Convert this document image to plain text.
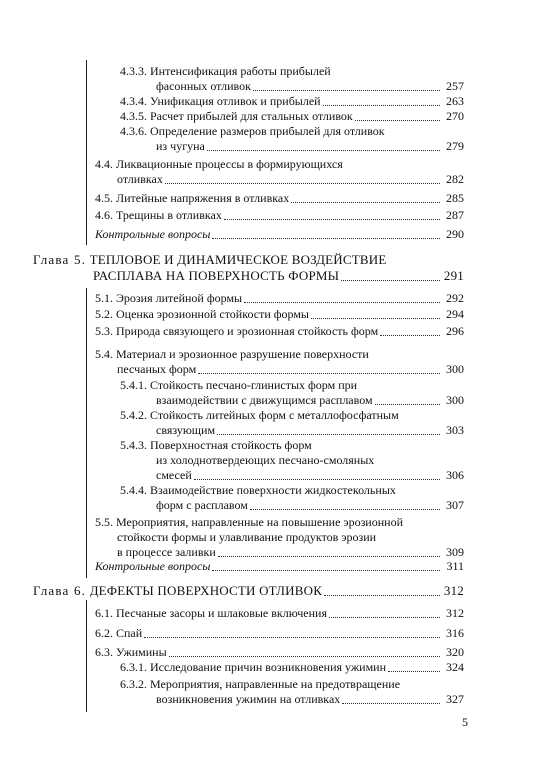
4.3.3.
Интенсификация работы прибылей
фасонных отливок	257
4.3.4.
Унификация отливок и прибылей	263
4.3.5.
Расчет прибылей для стальных отливок	270
4.3.6.
Определение размеров прибылей для отливок
из чугуна	279
4.4.
Ликвационные процессы в формирующихся
отливках	282
4.5.
Литейные напряжения в отливках	285
4.6.
Трещины в отливках	287
Контрольные вопросы	290
Глава 5.
ТЕПЛОВОЕ И ДИНАМИЧЕСКОЕ ВОЗДЕЙСТВИЕ
РАСПЛАВА НА ПОВЕРХНОСТЬ ФОРМЫ	291
5.1.
Эрозия литейной формы	292
5.2.
Оценка эрозионной стойкости формы	294
5.3.
Природа связующего и эрозионная стойкость форм	296
5.4.
Материал и эрозионное разрушение поверхности
песчаных форм	300
5.4.1.
Стойкость песчано-глинистых форм при
взаимодействии с движущимся расплавом	300
5.4.2.
Стойкость литейных форм с металлофосфатным
связующим	303
5.4.3.
Поверхностная стойкость форм
из холоднотвердеющих песчано-смоляных
смесей	306
5.4.4.
Взаимодействие поверхности жидкостекольных
форм с расплавом	307
5.5.
Мероприятия, направленные на повышение эрозионной
стойкости формы и улавливание продуктов эрозии
в процессе заливки	309
Контрольные вопросы	311
Глава 6.
ДЕФЕКТЫ ПОВЕРХНОСТИ ОТЛИВОК	312
6.1.
Песчаные засоры и шлаковые включения	312
6.2.
Спай	316
6.3.
Ужимины	320
6.3.1.
Исследование причин возникновения ужимин	324
6.3.2.
Мероприятия, направленные на предотвращение
возникновения ужимин на отливках	327
5
